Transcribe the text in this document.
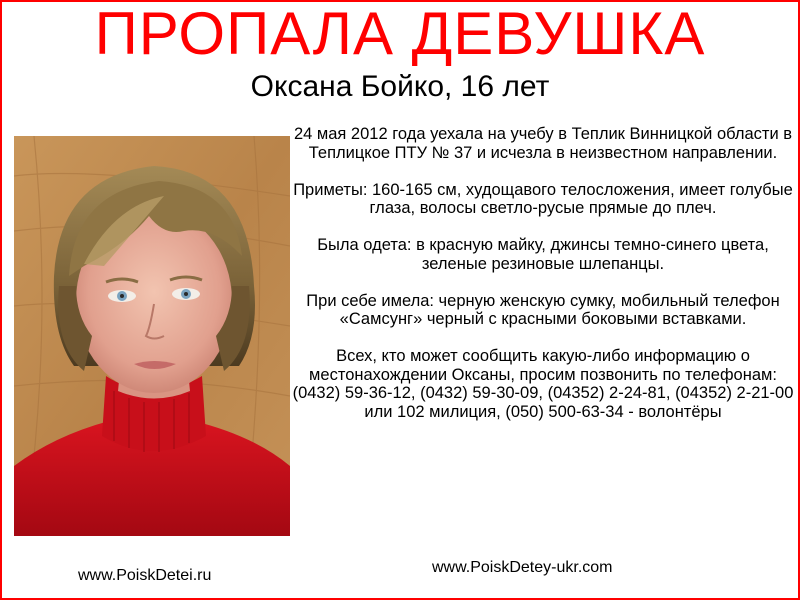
ПРОПАЛА ДЕВУШКА
Оксана Бойко, 16 лет

24 мая 2012 года уехала на учебу в Теплик Винницкой области в Теплицкое ПТУ № 37 и исчезла в неизвестном направлении.

Приметы: 160-165 см, худощавого телосложения, имеет голубые глаза, волосы светло-русые прямые до плеч.

Была одета: в красную майку, джинсы темно-синего цвета, зеленые резиновые шлепанцы.

При себе имела: черную женскую сумку, мобильный телефон «Самсунг» черный с красными боковыми вставками.

Всех, кто может сообщить какую-либо информацию о местонахождении Оксаны, просим позвонить по телефонам: (0432) 59-36-12, (0432) 59-30-09, (04352) 2-24-81, (04352) 2-21-00 или 102 милиция, (050) 500-63-34 - волонтёры

www.PoiskDetei.ru	www.PoiskDetey-ukr.com
